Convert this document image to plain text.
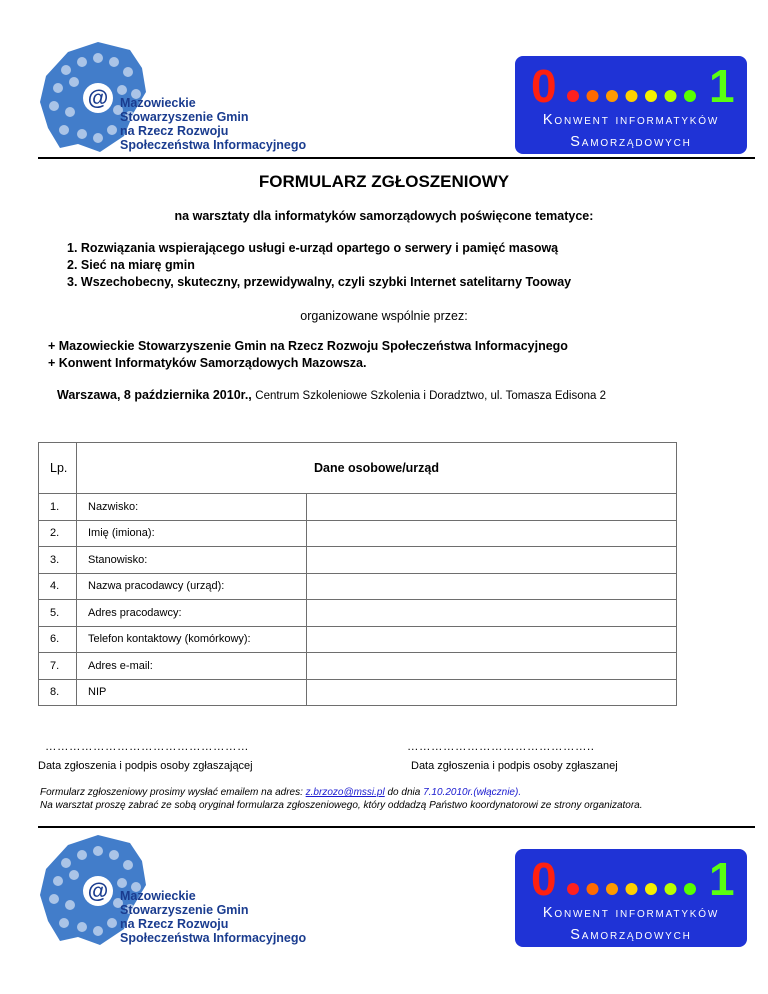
@ Mazowieckie
Stowarzyszenie Gmin
na Rzecz Rozwoju
Społeczeństwa Informacyjnego
0	1
Konwent informatyków
Samorządowych
FORMULARZ ZGŁOSZENIOWY
na warsztaty dla informatyków samorządowych poświęcone tematyce:
1. Rozwiązania wspierającego usługi e-urząd opartego o serwery i pamięć masową
2. Sieć na miarę gmin
3. Wszechobecny, skuteczny, przewidywalny, czyli szybki Internet satelitarny Tooway
organizowane wspólnie przez:
+ Mazowieckie Stowarzyszenie Gmin na Rzecz Rozwoju Społeczeństwa Informacyjnego
+ Konwent Informatyków Samorządowych Mazowsza.
Warszawa, 8 października 2010r., Centrum Szkoleniowe Szkolenia i Doradztwo, ul. Tomasza Edisona 2
Lp.	Dane osobowe/urząd	
1.	Nazwisko:	
2.	Imię (imiona):	
3.	Stanowisko:	
4.	Nazwa pracodawcy (urząd):	
5.	Adres pracodawcy:	
6.	Telefon kontaktowy (komórkowy):	
7.	Adres e-mail:	
8.	NIP	
……………………………………………
Data zgłoszenia i podpis osoby zgłaszającej
………………………………………..
Data zgłoszenia i podpis osoby zgłaszanej
Formularz zgłoszeniowy prosimy wysłać emailem na adres: z.brzozo@mssi.pl do dnia 7.10.2010r.(włącznie).
Na warsztat proszę zabrać ze sobą oryginał formularza zgłoszeniowego, który oddadzą Państwo koordynatorowi ze strony organizatora.
@ Mazowieckie
Stowarzyszenie Gmin
na Rzecz Rozwoju
Społeczeństwa Informacyjnego
0	1
Konwent informatyków
Samorządowych
